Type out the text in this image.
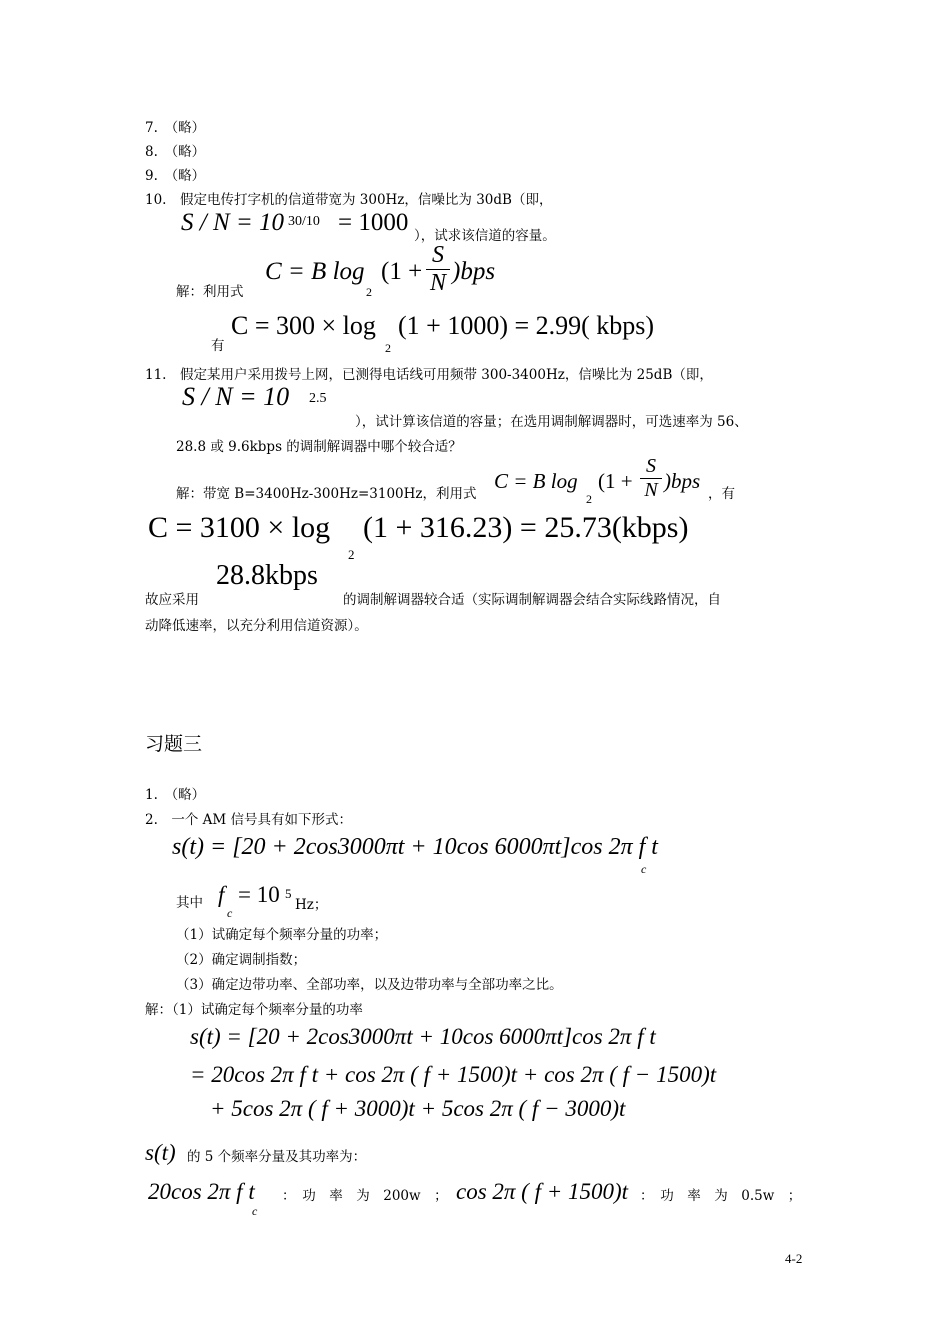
7.　（略）
8.　（略）
9.　（略）
10.　假定电传打字机的信道带宽为 300Hz，信噪比为 30dB（即，
S / N = 10 30/10 = 1000 ），试求该信道的容量。
解：利用式
C = B log
2
(1 +
S
N )bps
有
C = 300 × log
2
(1 + 1000) = 2.99( kbps)
11.　假定某用户采用拨号上网，已测得电话线可用频带 300-3400Hz，信噪比为 25dB（即，
S / N = 10 2.5
），试计算该信道的容量；在选用调制解调器时，可选速率为 56、
28.8 或 9.6kbps 的调制解调器中哪个较合适？
解：带宽 B=3400Hz-300Hz=3100Hz，利用式
C = B log
2
(1 +
S
N )bps
，有
C = 3100 × log
2
(1 + 316.23) = 25.73(kbps)
28.8kbps
故应采用	的调制解调器较合适（实际调制解调器会结合实际线路情况，自
动降低速率，以充分利用信道资源）。
习题三
1.　（略）
2.　一个 AM 信号具有如下形式：
s(t) = [20 + 2cos3000πt + 10cos 6000πt]cos 2π f t
c
其中 f
c
= 10 5
Hz；
（1）试确定每个频率分量的功率；
（2）确定调制指数；
（3）确定边带功率、全部功率，以及边带功率与全部功率之比。
解：（1）试确定每个频率分量的功率
s(t) = [20 + 2cos3000πt + 10cos 6000πt]cos 2π f t
= 20cos 2π f t + cos 2π ( f + 1500)t + cos 2π ( f − 1500)t
+ 5cos 2π ( f + 3000)t + 5cos 2π ( f − 3000)t
s(t) 的 5 个频率分量及其功率为：
20cos 2π f t
c
：　功　率　为　200w　； cos 2π ( f + 1500)t ：　功　率　为　0.5w　；
4-2
